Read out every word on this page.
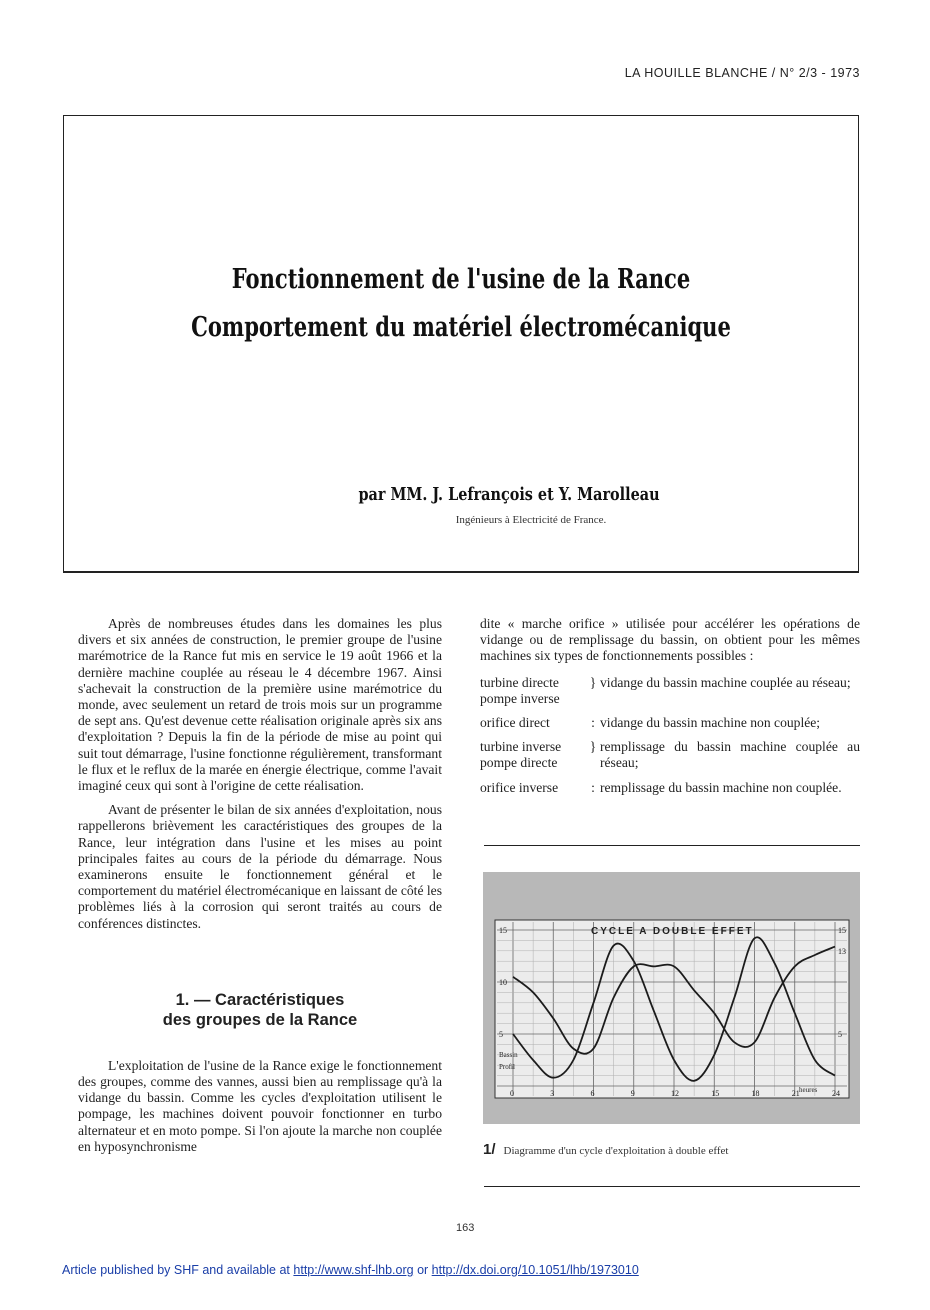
LA HOUILLE BLANCHE / N° 2/3 - 1973
Fonctionnement de l'usine de la Rance
Comportement du matériel électromécanique
par MM. J. Lefrançois et Y. Marolleau
Ingénieurs à Electricité de France.

Après de nombreuses études dans les domaines les plus divers et six années de construction, le premier groupe de l'usine marémotrice de la Rance fut mis en service le 19 août 1966 et la dernière machine couplée au réseau le 4 décembre 1967. Ainsi s'achevait la construction de la première usine marémotrice du monde, avec seulement un retard de trois mois sur un programme de sept ans. Qu'est devenue cette réalisation originale après six ans d'exploitation ? Depuis la fin de la période de mise au point qui suit tout démarrage, l'usine fonctionne régulièrement, transformant le flux et le reflux de la marée en énergie électrique, comme l'avait imaginé ceux qui sont à l'origine de cette réalisation.

Avant de présenter le bilan de six années d'exploitation, nous rappellerons brièvement les caractéristiques des groupes de la Rance, leur intégration dans l'usine et les mises au point principales faites au cours de la période du démarrage. Nous examinerons ensuite le fonctionnement général et le comportement du matériel électromécanique en laissant de côté les problèmes liés à la corrosion qui seront traités au cours de conférences distinctes.

1. — Caractéristiques
des groupes de la Rance

L'exploitation de l'usine de la Rance exige le fonctionnement des groupes, comme des vannes, aussi bien au remplissage qu'à la vidange du bassin. Comme les cycles d'exploitation utilisent le pompage, les machines doivent pouvoir fonctionner en turbo alternateur et en moto pompe. Si l'on ajoute la marche non couplée en hyposynchronisme

dite « marche orifice » utilisée pour accélérer les opérations de vidange ou de remplissage du bassin, on obtient pour les mêmes machines six types de fonctionnements possibles :

turbine directe
pompe inverse
} vidange du bassin machine couplée au réseau;
orifice direct	: vidange du bassin machine non couplée;
turbine inverse
pompe directe
} remplissage du bassin machine couplée au réseau;
orifice inverse	: remplissage du bassin machine non couplée.
CYCLE A DOUBLE EFFET
15
10
5
15
13
5
0	3	6	9	12	15	18	21	24
Bassin
Profil
heures
1/ Diagramme d'un cycle d'exploitation à double effet
163
Article published by SHF and available at http://www.shf-lhb.org or http://dx.doi.org/10.1051/lhb/1973010
